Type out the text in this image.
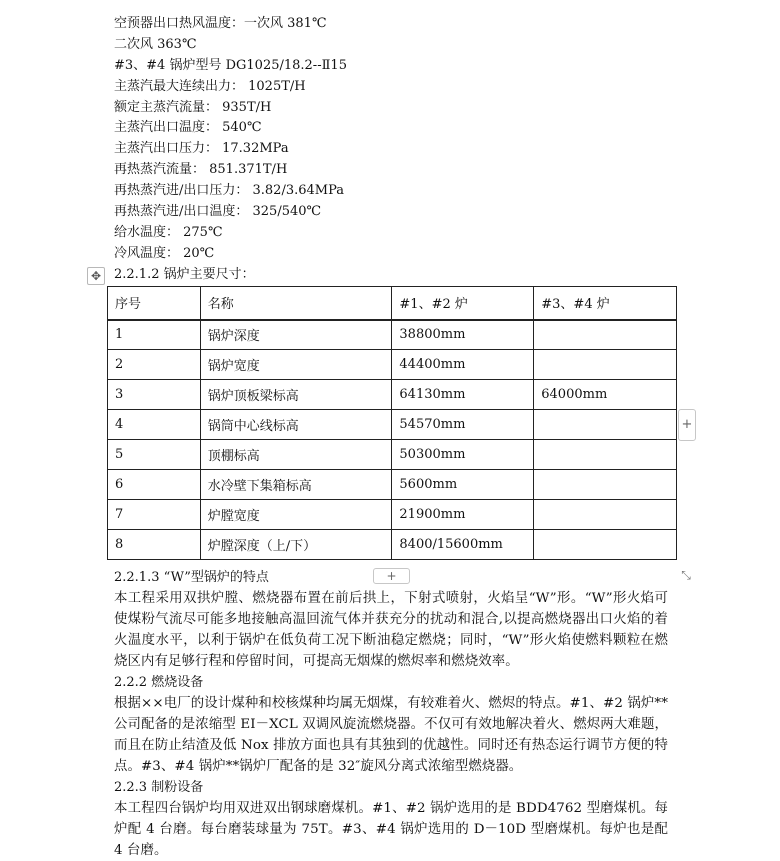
空预器出口热风温度：一次风 381℃
二次风 363℃
#3、#4 锅炉型号 DG1025/18.2--Ⅱ15
主蒸汽最大连续出力： 1025T/H
额定主蒸汽流量： 935T/H
主蒸汽出口温度： 540℃
主蒸汽出口压力： 17.32MPa
再热蒸汽流量： 851.371T/H
再热蒸汽进/出口压力： 3.82/3.64MPa
再热蒸汽进/出口温度： 325/540℃
给水温度： 275℃
冷风温度： 20℃
2.2.1.2 锅炉主要尺寸：
✥
序号	名称	#1、#2 炉	#3、#4 炉
1	锅炉深度	38800mm	
2	锅炉宽度	44400mm	
3	锅炉顶板梁标高	64130mm	64000mm
4	锅筒中心线标高	54570mm	
5	顶棚标高	50300mm	
6	水冷壁下集箱标高	5600mm	
7	炉膛宽度	21900mm	
8	炉膛深度（上/下）	8400/15600mm	
+
+	⤡
2.2.1.3 “W”型锅炉的特点
本工程采用双拱炉膛、燃烧器布置在前后拱上，下射式喷射，火焰呈“W”形。“W”形火焰可使煤粉气流尽可能多地接触高温回流气体并获充分的扰动和混合,以提高燃烧器出口火焰的着火温度水平，以利于锅炉在低负荷工况下断油稳定燃烧；同时，“W”形火焰使燃料颗粒在燃烧区内有足够行程和停留时间，可提高无烟煤的燃烬率和燃烧效率。
2.2.2 燃烧设备
根据××电厂的设计煤种和校核煤种均属无烟煤，有较难着火、燃烬的特点。#1、#2 锅炉**公司配备的是浓缩型 EI－XCL 双调风旋流燃烧器。不仅可有效地解决着火、燃烬两大难题，而且在防止结渣及低 Nox 排放方面也具有其独到的优越性。同时还有热态运行调节方便的特点。#3、#4 锅炉**锅炉厂配备的是 32″旋风分离式浓缩型燃烧器。
2.2.3 制粉设备
本工程四台锅炉均用双进双出钢球磨煤机。#1、#2 锅炉选用的是 BDD4762 型磨煤机。每炉配 4 台磨。每台磨装球量为 75T。#3、#4 锅炉选用的 D－10D 型磨煤机。每炉也是配 4 台磨。
